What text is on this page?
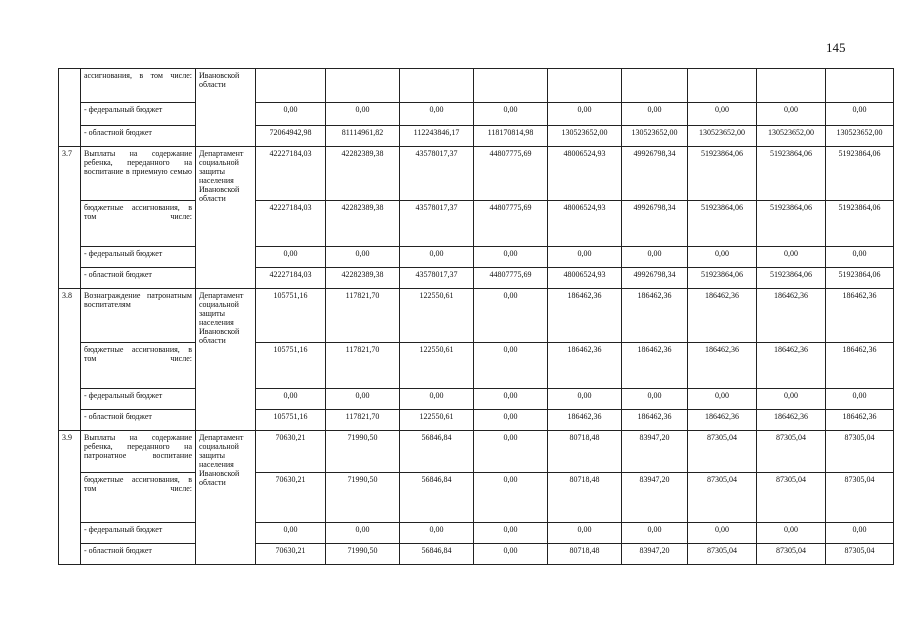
145
	ассигнования, в том числе:	Ивановской области									
	- федеральный бюджет		0,00	0,00	0,00	0,00	0,00	0,00	0,00	0,00	0,00
	- областной бюджет		72064942,98	81114961,82	112243846,17	118170814,98	130523652,00	130523652,00	130523652,00	130523652,00	130523652,00
3.7	Выплаты на содержание ребенка, переданного на воспитание в приемную семью	Департамент социальной защиты населения Ивановской области	42227184,03	42282389,38	43578017,37	44807775,69	48006524,93	49926798,34	51923864,06	51923864,06	51923864,06
	бюджетные ассигнования, в том числе:		42227184,03	42282389,38	43578017,37	44807775,69	48006524,93	49926798,34	51923864,06	51923864,06	51923864,06
	- федеральный бюджет		0,00	0,00	0,00	0,00	0,00	0,00	0,00	0,00	0,00
	- областной бюджет		42227184,03	42282389,38	43578017,37	44807775,69	48006524,93	49926798,34	51923864,06	51923864,06	51923864,06
3.8	Вознаграждение патронатным воспитателям	Департамент социальной защиты населения Ивановской области	105751,16	117821,70	122550,61	0,00	186462,36	186462,36	186462,36	186462,36	186462,36
	бюджетные ассигнования, в том числе:		105751,16	117821,70	122550,61	0,00	186462,36	186462,36	186462,36	186462,36	186462,36
	- федеральный бюджет		0,00	0,00	0,00	0,00	0,00	0,00	0,00	0,00	0,00
	- областной бюджет		105751,16	117821,70	122550,61	0,00	186462,36	186462,36	186462,36	186462,36	186462,36
3.9	Выплаты на содержание ребенка, переданного на патронатное воспитание	Департамент социальной защиты населения Ивановской области	70630,21	71990,50	56846,84	0,00	80718,48	83947,20	87305,04	87305,04	87305,04
	бюджетные ассигнования, в том числе:		70630,21	71990,50	56846,84	0,00	80718,48	83947,20	87305,04	87305,04	87305,04
	- федеральный бюджет		0,00	0,00	0,00	0,00	0,00	0,00	0,00	0,00	0,00
	- областной бюджет		70630,21	71990,50	56846,84	0,00	80718,48	83947,20	87305,04	87305,04	87305,04
